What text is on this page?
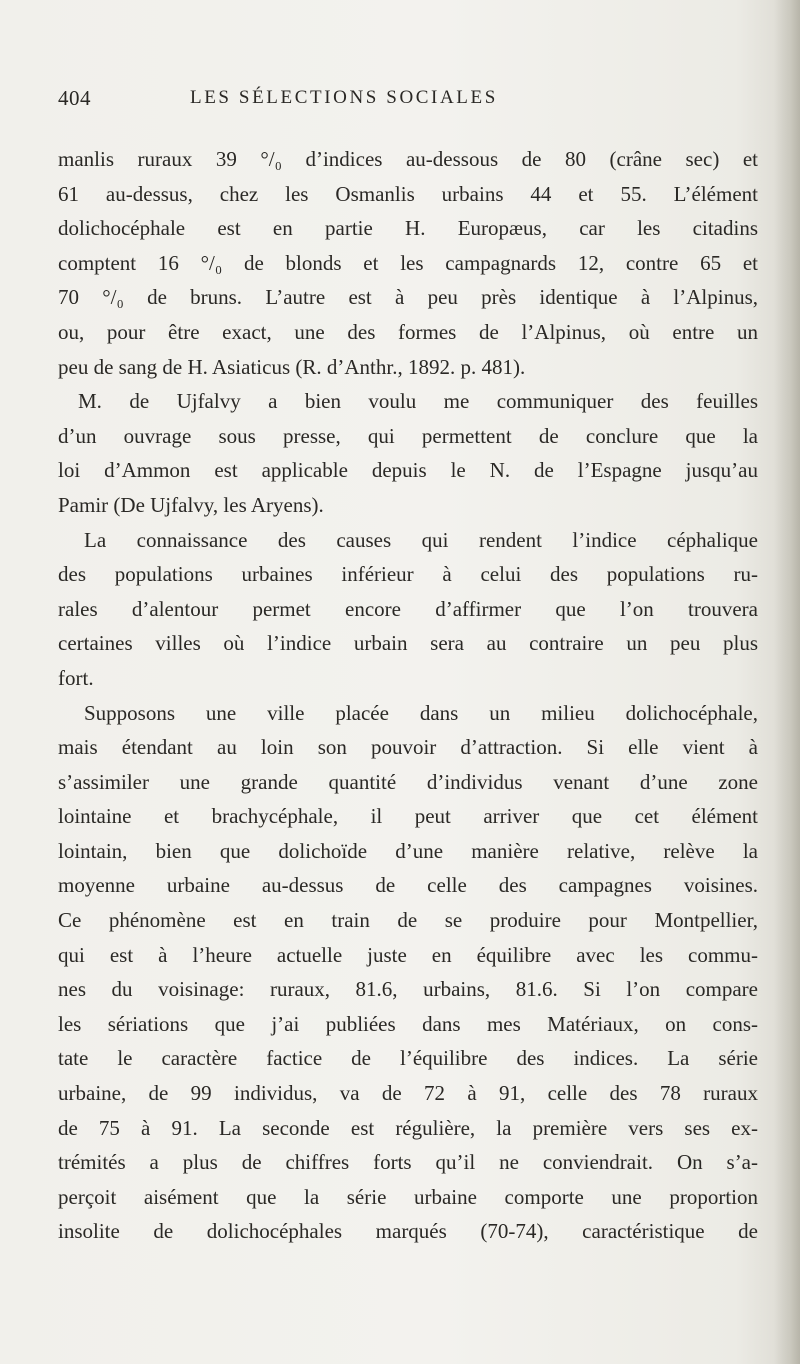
404	LES SÉLECTIONS SOCIALES
manlis ruraux 39 °/₀ d’indices au-dessous de 80 (crâne sec) et
61 au-dessus, chez les Osmanlis urbains 44 et 55. L’élément
dolichocéphale est en partie H. Europæus, car les citadins
comptent 16 °/₀ de blonds et les campagnards 12, contre 65 et
70 °/₀ de bruns. L’autre est à peu près identique à l’Alpinus,
ou, pour être exact, une des formes de l’Alpinus, où entre un
peu de sang de H. Asiaticus (R. d’Anthr., 1892. p. 481).
M. de Ujfalvy a bien voulu me communiquer des feuilles
d’un ouvrage sous presse, qui permettent de conclure que la
loi d’Ammon est applicable depuis le N. de l’Espagne jusqu’au
Pamir (De Ujfalvy, les Aryens).
La connaissance des causes qui rendent l’indice céphalique
des populations urbaines inférieur à celui des populations ru-
rales d’alentour permet encore d’affirmer que l’on trouvera
certaines villes où l’indice urbain sera au contraire un peu plus
fort.
Supposons une ville placée dans un milieu dolichocéphale,
mais étendant au loin son pouvoir d’attraction. Si elle vient à
s’assimiler une grande quantité d’individus venant d’une zone
lointaine et brachycéphale, il peut arriver que cet élément
lointain, bien que dolichoïde d’une manière relative, relève la
moyenne urbaine au-dessus de celle des campagnes voisines.
Ce phénomène est en train de se produire pour Montpellier,
qui est à l’heure actuelle juste en équilibre avec les commu-
nes du voisinage: ruraux, 81.6, urbains, 81.6. Si l’on compare
les sériations que j’ai publiées dans mes Matériaux, on cons-
tate le caractère factice de l’équilibre des indices. La série
urbaine, de 99 individus, va de 72 à 91, celle des 78 ruraux
de 75 à 91. La seconde est régulière, la première vers ses ex-
trémités a plus de chiffres forts qu’il ne conviendrait. On s’a-
perçoit aisément que la série urbaine comporte une proportion
insolite de dolichocéphales marqués (70-74), caractéristique de
